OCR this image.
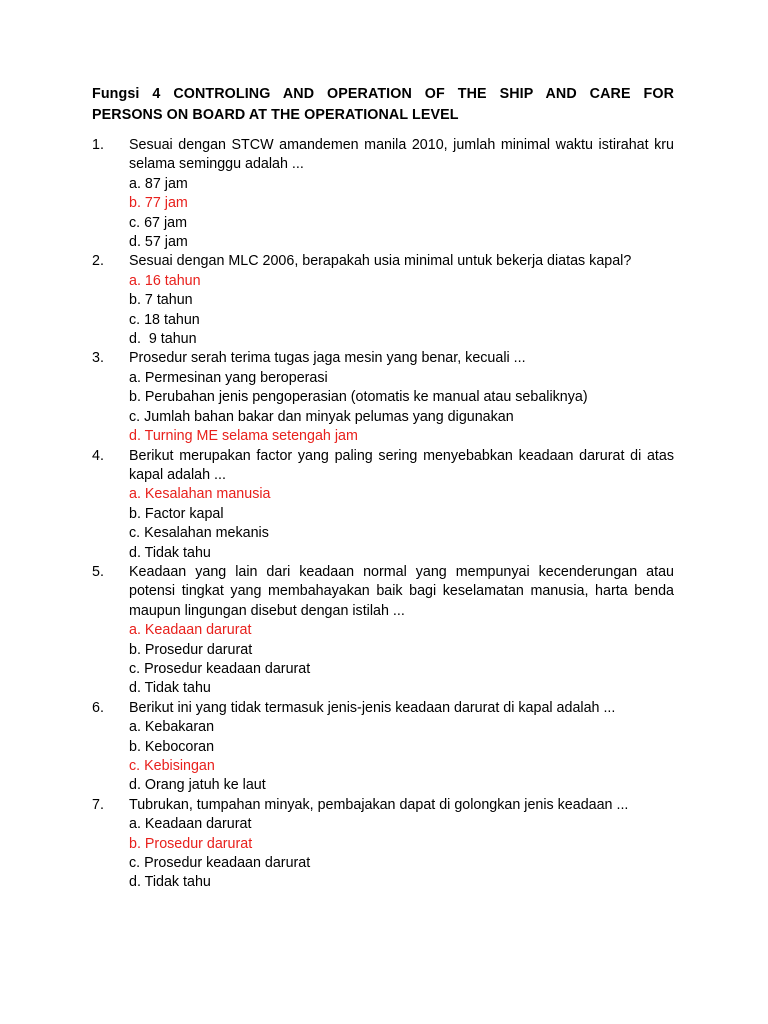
Fungsi 4 CONTROLING AND OPERATION OF THE SHIP AND CARE FOR
PERSONS ON BOARD AT THE OPERATIONAL LEVEL
1. Sesuai dengan STCW amandemen manila 2010, jumlah minimal waktu istirahat kru selama seminggu adalah ...
a. 87 jam
b. 77 jam
c. 67 jam
d. 57 jam
2. Sesuai dengan MLC 2006, berapakah usia minimal untuk bekerja diatas kapal?
a. 16 tahun
b. 7 tahun
c. 18 tahun
d.  9 tahun
3. Prosedur serah terima tugas jaga mesin yang benar, kecuali ...
a. Permesinan yang beroperasi
b. Perubahan jenis pengoperasian (otomatis ke manual atau sebaliknya)
c. Jumlah bahan bakar dan minyak pelumas yang digunakan
d. Turning ME selama setengah jam
4. Berikut merupakan factor yang paling sering menyebabkan keadaan darurat di atas kapal adalah ...
a. Kesalahan manusia
b. Factor kapal
c. Kesalahan mekanis
d. Tidak tahu
5. Keadaan yang lain dari keadaan normal yang mempunyai kecenderungan atau potensi tingkat yang membahayakan baik bagi keselamatan manusia, harta benda maupun lingungan disebut dengan istilah ...
a. Keadaan darurat
b. Prosedur darurat
c. Prosedur keadaan darurat
d. Tidak tahu
6. Berikut ini yang tidak termasuk jenis-jenis keadaan darurat di kapal adalah ...
a. Kebakaran
b. Kebocoran
c. Kebisingan
d. Orang jatuh ke laut
7. Tubrukan, tumpahan minyak, pembajakan dapat di golongkan jenis keadaan ...
a. Keadaan darurat
b. Prosedur darurat
c. Prosedur keadaan darurat
d. Tidak tahu
